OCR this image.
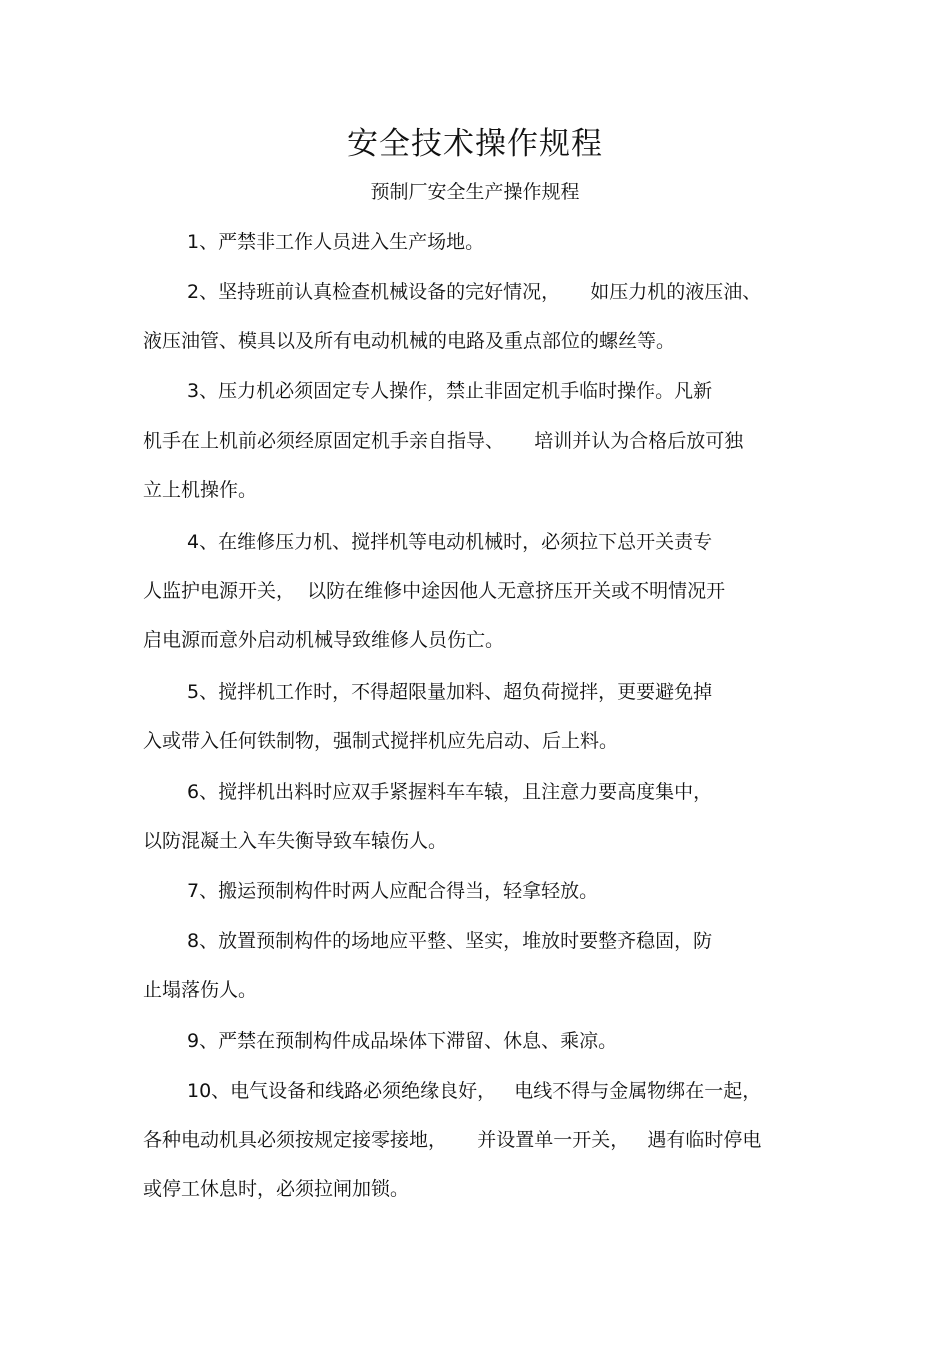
安全技术操作规程
预制厂安全生产操作规程
1、严禁非工作人员进入生产场地。
2、坚持班前认真检查机械设备的完好情况，     如压力机的液压油、
液压油管、模具以及所有电动机械的电路及重点部位的螺丝等。
3、压力机必须固定专人操作，禁止非固定机手临时操作。凡新
机手在上机前必须经原固定机手亲自指导、     培训并认为合格后放可独
立上机操作。
4、在维修压力机、搅拌机等电动机械时，必须拉下总开关责专
人监护电源开关，  以防在维修中途因他人无意挤压开关或不明情况开
启电源而意外启动机械导致维修人员伤亡。
5、搅拌机工作时，不得超限量加料、超负荷搅拌，更要避免掉
入或带入任何铁制物，强制式搅拌机应先启动、后上料。
6、搅拌机出料时应双手紧握料车车辕，且注意力要高度集中，
以防混凝土入车失衡导致车辕伤人。
7、搬运预制构件时两人应配合得当，轻拿轻放。
8、放置预制构件的场地应平整、坚实，堆放时要整齐稳固，防
止塌落伤人。
9、严禁在预制构件成品垛体下滞留、休息、乘凉。
10、电气设备和线路必须绝缘良好，   电线不得与金属物绑在一起，
各种电动机具必须按规定接零接地，     并设置单一开关，   遇有临时停电
或停工休息时，必须拉闸加锁。
